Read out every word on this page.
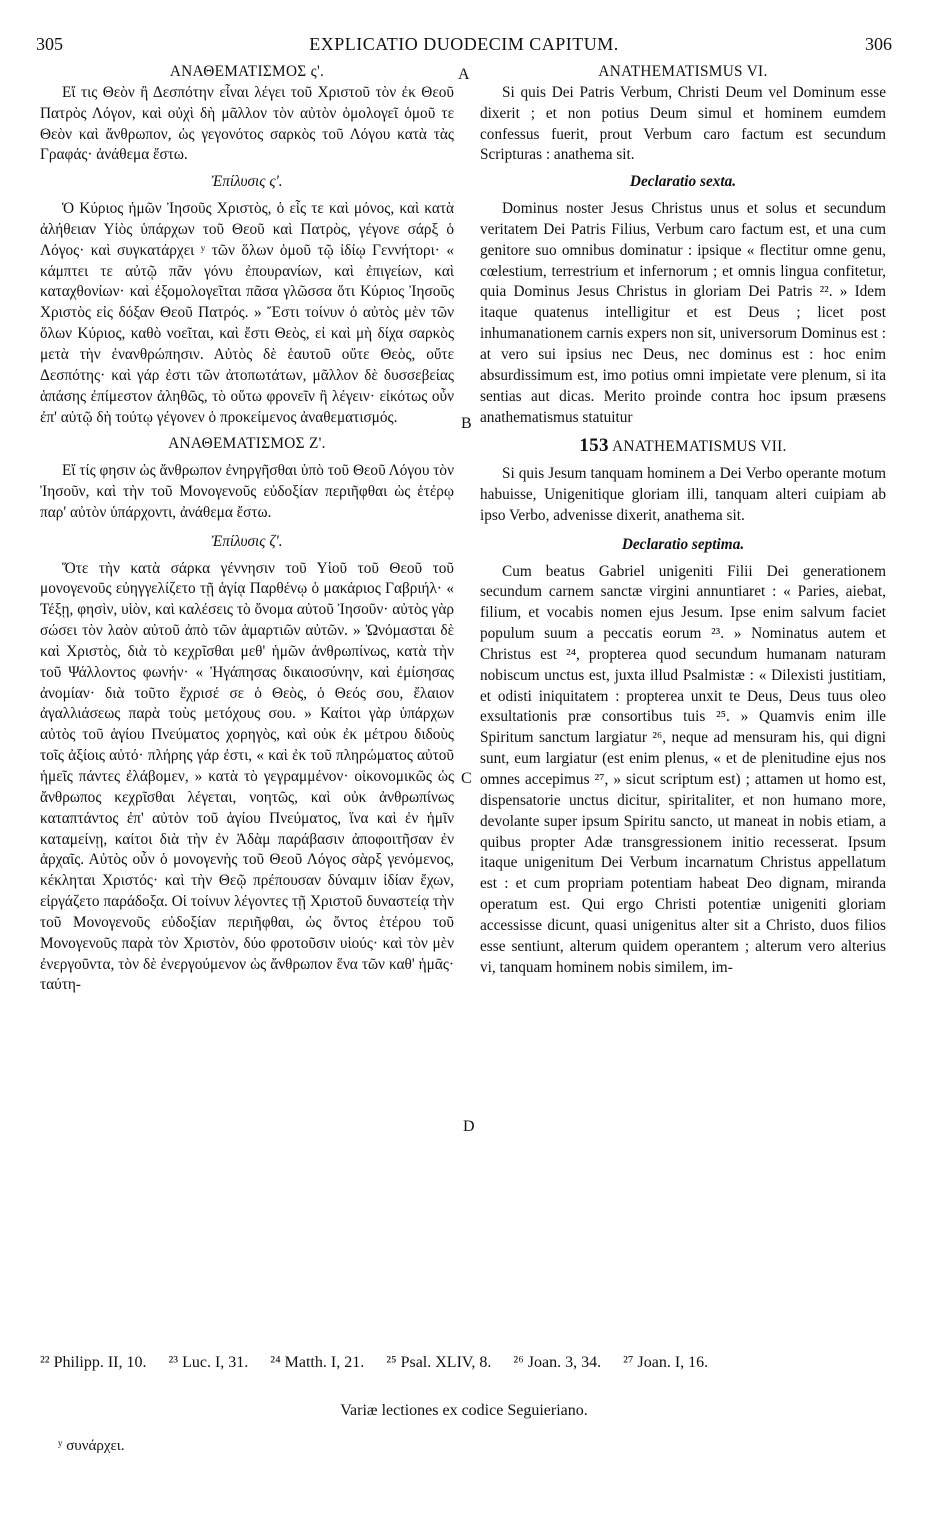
305	EXPLICATIO DUODECIM CAPITUM.	306
A
B
C
D
ΑΝΑΘΕΜΑΤΙΣΜΟΣ ς'.
Εἴ τις Θεὸν ἢ Δεσπότην εἶναι λέγει τοῦ Χριστοῦ τὸν ἐκ Θεοῦ Πατρὸς Λόγον, καὶ οὐχὶ δὴ μᾶλλον τὸν αὐτὸν ὁμολογεῖ ὁμοῦ τε Θεὸν καὶ ἄνθρωπον, ὡς γεγονότος σαρκὸς τοῦ Λόγου κατὰ τὰς Γραφάς· ἀνάθεμα ἔστω.
Ἐπίλυσις ς'.
Ὁ Κύριος ἡμῶν Ἰησοῦς Χριστὸς, ὁ εἷς τε καὶ μόνος, καὶ κατὰ ἀλήθειαν Υἱὸς ὑπάρχων τοῦ Θεοῦ καὶ Πατρὸς, γέγονε σάρξ ὁ Λόγος· καὶ συγκατάρχει ʸ τῶν ὅλων ὁμοῦ τῷ ἰδίῳ Γεννήτορι· « κάμπτει τε αὐτῷ πᾶν γόνυ ἐπουρανίων, καὶ ἐπιγείων, καὶ καταχθονίων· καὶ ἐξομολογεῖται πᾶσα γλῶσσα ὅτι Κύριος Ἰησοῦς Χριστὸς εἰς δόξαν Θεοῦ Πατρός. » Ἔστι τοίνυν ὁ αὐτὸς μὲν τῶν ὅλων Κύριος, καθὸ νοεῖται, καὶ ἔστι Θεὸς, εἰ καὶ μὴ δίχα σαρκὸς μετὰ τὴν ἐνανθρώπησιν. Αὐτὸς δὲ ἑαυτοῦ οὔτε Θεὸς, οὔτε Δεσπότης· καὶ γάρ ἐστι τῶν ἀτοπωτάτων, μᾶλλον δὲ δυσσεβείας ἁπάσης ἐπίμεστον ἀληθῶς, τὸ οὕτω φρονεῖν ἢ λέγειν· εἰκότως οὖν ἐπ' αὐτῷ δὴ τούτῳ γέγονεν ὁ προκείμενος ἀναθεματισμός.
ΑΝΑΘΕΜΑΤΙΣΜΟΣ Ζ'.
Εἴ τίς φησιν ὡς ἄνθρωπον ἐνηργῆσθαι ὑπὸ τοῦ Θεοῦ Λόγου τὸν Ἰησοῦν, καὶ τὴν τοῦ Μονογενοῦς εὐδοξίαν περιῆφθαι ὡς ἑτέρῳ παρ' αὐτὸν ὑπάρχοντι, ἀνάθεμα ἔστω.
Ἐπίλυσις ζ'.
Ὅτε τὴν κατὰ σάρκα γέννησιν τοῦ Υἱοῦ τοῦ Θεοῦ τοῦ μονογενοῦς εὐηγγελίζετο τῇ ἁγίᾳ Παρθένῳ ὁ μακάριος Γαβριήλ· « Τέξῃ, φησὶν, υἱὸν, καὶ καλέσεις τὸ ὄνομα αὐτοῦ Ἰησοῦν· αὐτὸς γὰρ σώσει τὸν λαὸν αὐτοῦ ἀπὸ τῶν ἁμαρτιῶν αὐτῶν. » Ὠνόμασται δὲ καὶ Χριστὸς, διὰ τὸ κεχρῖσθαι μεθ' ἡμῶν ἀνθρωπίνως, κατὰ τὴν τοῦ Ψάλλοντος φωνήν· « Ἠγάπησας δικαιοσύνην, καὶ ἐμίσησας ἀνομίαν· διὰ τοῦτο ἔχρισέ σε ὁ Θεὸς, ὁ Θεός σου, ἔλαιον ἀγαλλιάσεως παρὰ τοὺς μετόχους σου. » Καίτοι γὰρ ὑπάρχων αὐτὸς τοῦ ἁγίου Πνεύματος χορηγὸς, καὶ οὐκ ἐκ μέτρου διδοὺς τοῖς ἀξίοις αὐτό· πλήρης γάρ ἐστι, « καὶ ἐκ τοῦ πληρώματος αὐτοῦ ἡμεῖς πάντες ἐλάβομεν, » κατὰ τὸ γεγραμμένον· οἰκονομικῶς ὡς ἄνθρωπος κεχρῖσθαι λέγεται, νοητῶς, καὶ οὐκ ἀνθρωπίνως καταπτάντος ἐπ' αὐτὸν τοῦ ἁγίου Πνεύματος, ἵνα καὶ ἐν ἡμῖν καταμείνῃ, καίτοι διὰ τὴν ἐν Ἀδὰμ παράβασιν ἀποφοιτῆσαν ἐν ἀρχαῖς. Αὐτὸς οὖν ὁ μονογενὴς τοῦ Θεοῦ Λόγος σὰρξ γενόμενος, κέκληται Χριστός· καὶ τὴν Θεῷ πρέπουσαν δύναμιν ἰδίαν ἔχων, εἰργάζετο παράδοξα. Οἱ τοίνυν λέγοντες τῇ Χριστοῦ δυναστείᾳ τὴν τοῦ Μονογενοῦς εὐδοξίαν περιῆφθαι, ὡς ὄντος ἑτέρου τοῦ Μονογενοῦς παρὰ τὸν Χριστὸν, δύο φροτοῦσιν υἱούς· καὶ τὸν μὲν ἐνεργοῦντα, τὸν δὲ ἐνεργούμενον ὡς ἄνθρωπον ἕνα τῶν καθ' ἡμᾶς· ταύτη-
ANATHEMATISMUS VI.
Si quis Dei Patris Verbum, Christi Deum vel Dominum esse dixerit ; et non potius Deum simul et hominem eumdem confessus fuerit, prout Verbum caro factum est secundum Scripturas : anathema sit.
Declaratio sexta.
Dominus noster Jesus Christus unus et solus et secundum veritatem Dei Patris Filius, Verbum caro factum est, et una cum genitore suo omnibus dominatur : ipsique « flectitur omne genu, cœlestium, terrestrium et infernorum ; et omnis lingua confitetur, quia Dominus Jesus Christus in gloriam Dei Patris ²². » Idem itaque quatenus intelligitur et est Deus ; licet post inhumanationem carnis expers non sit, universorum Dominus est : at vero sui ipsius nec Deus, nec dominus est : hoc enim absurdissimum est, imo potius omni impietate vere plenum, si ita sentias aut dicas. Merito proinde contra hoc ipsum præsens anathematismus statuitur
153 ANATHEMATISMUS VII.
Si quis Jesum tanquam hominem a Dei Verbo operante motum habuisse, Unigenitique gloriam illi, tanquam alteri cuipiam ab ipso Verbo, advenisse dixerit, anathema sit.
Declaratio septima.
Cum beatus Gabriel unigeniti Filii Dei generationem secundum carnem sanctæ virgini annuntiaret : « Paries, aiebat, filium, et vocabis nomen ejus Jesum. Ipse enim salvum faciet populum suum a peccatis eorum ²³. » Nominatus autem et Christus est ²⁴, propterea quod secundum humanam naturam nobiscum unctus est, juxta illud Psalmistæ : « Dilexisti justitiam, et odisti iniquitatem : propterea unxit te Deus, Deus tuus oleo exsultationis præ consortibus tuis ²⁵. » Quamvis enim ille Spiritum sanctum largiatur ²⁶, neque ad mensuram his, qui digni sunt, eum largiatur (est enim plenus, « et de plenitudine ejus nos omnes accepimus ²⁷, » sicut scriptum est) ; attamen ut homo est, dispensatorie unctus dicitur, spiritaliter, et non humano more, devolante super ipsum Spiritu sancto, ut maneat in nobis etiam, a quibus propter Adæ transgressionem initio recesserat. Ipsum itaque unigenitum Dei Verbum incarnatum Christus appellatum est : et cum propriam potentiam habeat Deo dignam, miranda operatum est. Qui ergo Christi potentiæ unigeniti gloriam accessisse dicunt, quasi unigenitus alter sit a Christo, duos filios esse sentiunt, alterum quidem operantem ; alterum vero alterius vi, tanquam hominem nobis similem, im-
²² Philipp. II, 10. ²³ Luc. I, 31. ²⁴ Matth. I, 21. ²⁵ Psal. XLIV, 8. ²⁶ Joan. 3, 34. ²⁷ Joan. I, 16.
Variæ lectiones ex codice Seguieriano.
ʸ συνάρχει.
